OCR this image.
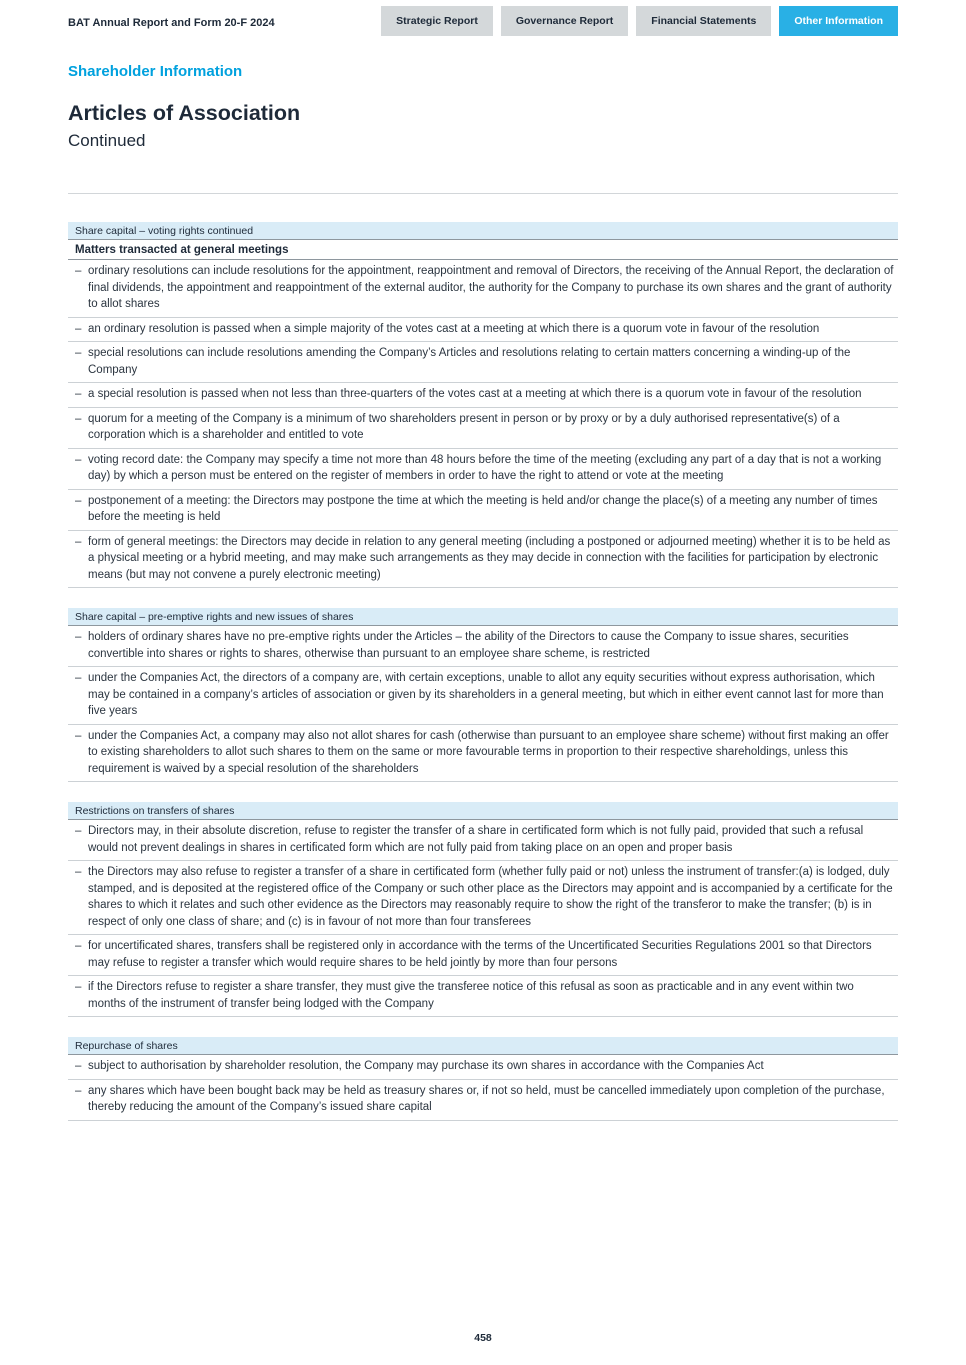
BAT Annual Report and Form 20-F 2024	Strategic Report	Governance Report	Financial Statements	Other Information
Shareholder Information
Articles of Association
Continued
Share capital – voting rights continued
Matters transacted at general meetings
– ordinary resolutions can include resolutions for the appointment, reappointment and removal of Directors, the receiving of the Annual Report, the declaration of final dividends, the appointment and reappointment of the external auditor, the authority for the Company to purchase its own shares and the grant of authority to allot shares
– an ordinary resolution is passed when a simple majority of the votes cast at a meeting at which there is a quorum vote in favour of the resolution
– special resolutions can include resolutions amending the Company’s Articles and resolutions relating to certain matters concerning a winding-up of the Company
– a special resolution is passed when not less than three-quarters of the votes cast at a meeting at which there is a quorum vote in favour of the resolution
– quorum for a meeting of the Company is a minimum of two shareholders present in person or by proxy or by a duly authorised representative(s) of a corporation which is a shareholder and entitled to vote
– voting record date: the Company may specify a time not more than 48 hours before the time of the meeting (excluding any part of a day that is not a working day) by which a person must be entered on the register of members in order to have the right to attend or vote at the meeting
– postponement of a meeting: the Directors may postpone the time at which the meeting is held and/or change the place(s) of a meeting any number of times before the meeting is held
– form of general meetings: the Directors may decide in relation to any general meeting (including a postponed or adjourned meeting) whether it is to be held as a physical meeting or a hybrid meeting, and may make such arrangements as they may decide in connection with the facilities for participation by electronic means (but may not convene a purely electronic meeting)
Share capital – pre-emptive rights and new issues of shares
– holders of ordinary shares have no pre-emptive rights under the Articles – the ability of the Directors to cause the Company to issue shares, securities convertible into shares or rights to shares, otherwise than pursuant to an employee share scheme, is restricted
– under the Companies Act, the directors of a company are, with certain exceptions, unable to allot any equity securities without express authorisation, which may be contained in a company’s articles of association or given by its shareholders in a general meeting, but which in either event cannot last for more than five years
– under the Companies Act, a company may also not allot shares for cash (otherwise than pursuant to an employee share scheme) without first making an offer to existing shareholders to allot such shares to them on the same or more favourable terms in proportion to their respective shareholdings, unless this requirement is waived by a special resolution of the shareholders
Restrictions on transfers of shares
– Directors may, in their absolute discretion, refuse to register the transfer of a share in certificated form which is not fully paid, provided that such a refusal would not prevent dealings in shares in certificated form which are not fully paid from taking place on an open and proper basis
– the Directors may also refuse to register a transfer of a share in certificated form (whether fully paid or not) unless the instrument of transfer:(a) is lodged, duly stamped, and is deposited at the registered office of the Company or such other place as the Directors may appoint and is accompanied by a certificate for the shares to which it relates and such other evidence as the Directors may reasonably require to show the right of the transferor to make the transfer; (b) is in respect of only one class of share; and (c) is in favour of not more than four transferees
– for uncertificated shares, transfers shall be registered only in accordance with the terms of the Uncertificated Securities Regulations 2001 so that Directors may refuse to register a transfer which would require shares to be held jointly by more than four persons
– if the Directors refuse to register a share transfer, they must give the transferee notice of this refusal as soon as practicable and in any event within two months of the instrument of transfer being lodged with the Company
Repurchase of shares
– subject to authorisation by shareholder resolution, the Company may purchase its own shares in accordance with the Companies Act
– any shares which have been bought back may be held as treasury shares or, if not so held, must be cancelled immediately upon completion of the purchase, thereby reducing the amount of the Company’s issued share capital
458
